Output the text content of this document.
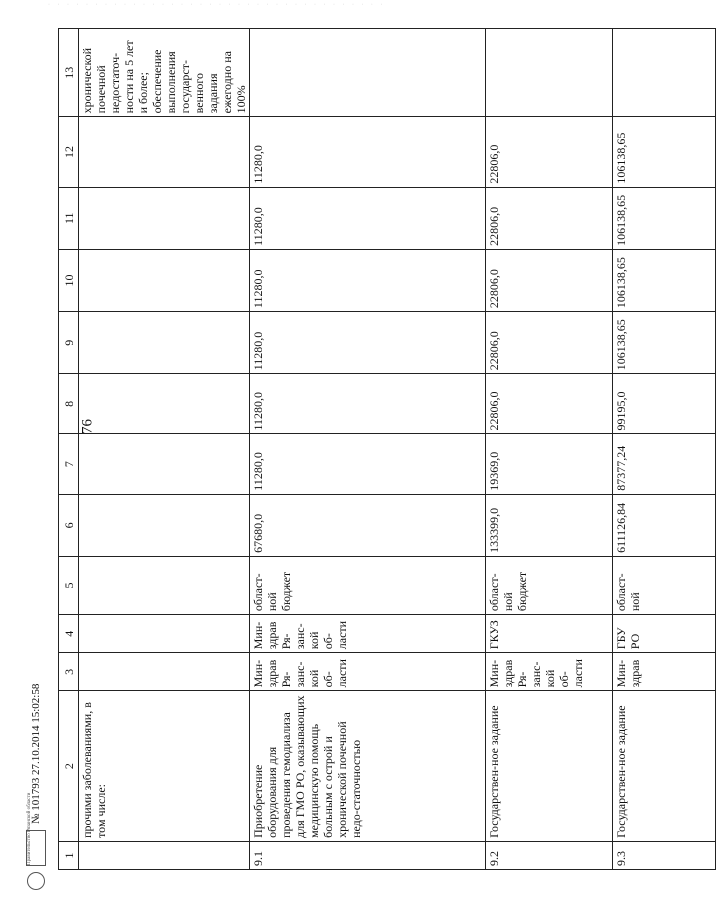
· · · · · · · · · · · · · · · · · · · · · · · · · · · · · · · · · · · ·
76
1	2	3	4	5	6	7	8	9	10	11	12	13
	прочими заболеваниями, в том числе:											хронической почечной недостаточ-ности на 5 лет и более; обеспечение выполнения государст-венного задания ежегодно на 100%
9.1	Приобретение оборудования для проведения гемодиализа для ГМО РО, оказывающих медицинскую помощь больным с острой и хронической почечной недо-статочностью	Мин-здрав Ря-занс-кой об-ласти	Мин-здрав Ря-занс-кой об-ласти	област-ной бюджет	67680,0	11280,0	11280,0	11280,0	11280,0	11280,0	11280,0	
9.2	Государствен-ное задание	Мин-здрав Ря-занс-кой об-ласти	ГКУЗ	област-ной бюджет	133399,0	19369,0	22806,0	22806,0	22806,0	22806,0	22806,0	
9.3	Государствен-ное задание	Мин-здрав	ГБУ РО	област-ной	611126,84	87377,24	99195,0	106138,65	106138,65	106138,65	106138,65	
Правительство Рязанской области
№ 101793 27.10.2014 15:02:58
